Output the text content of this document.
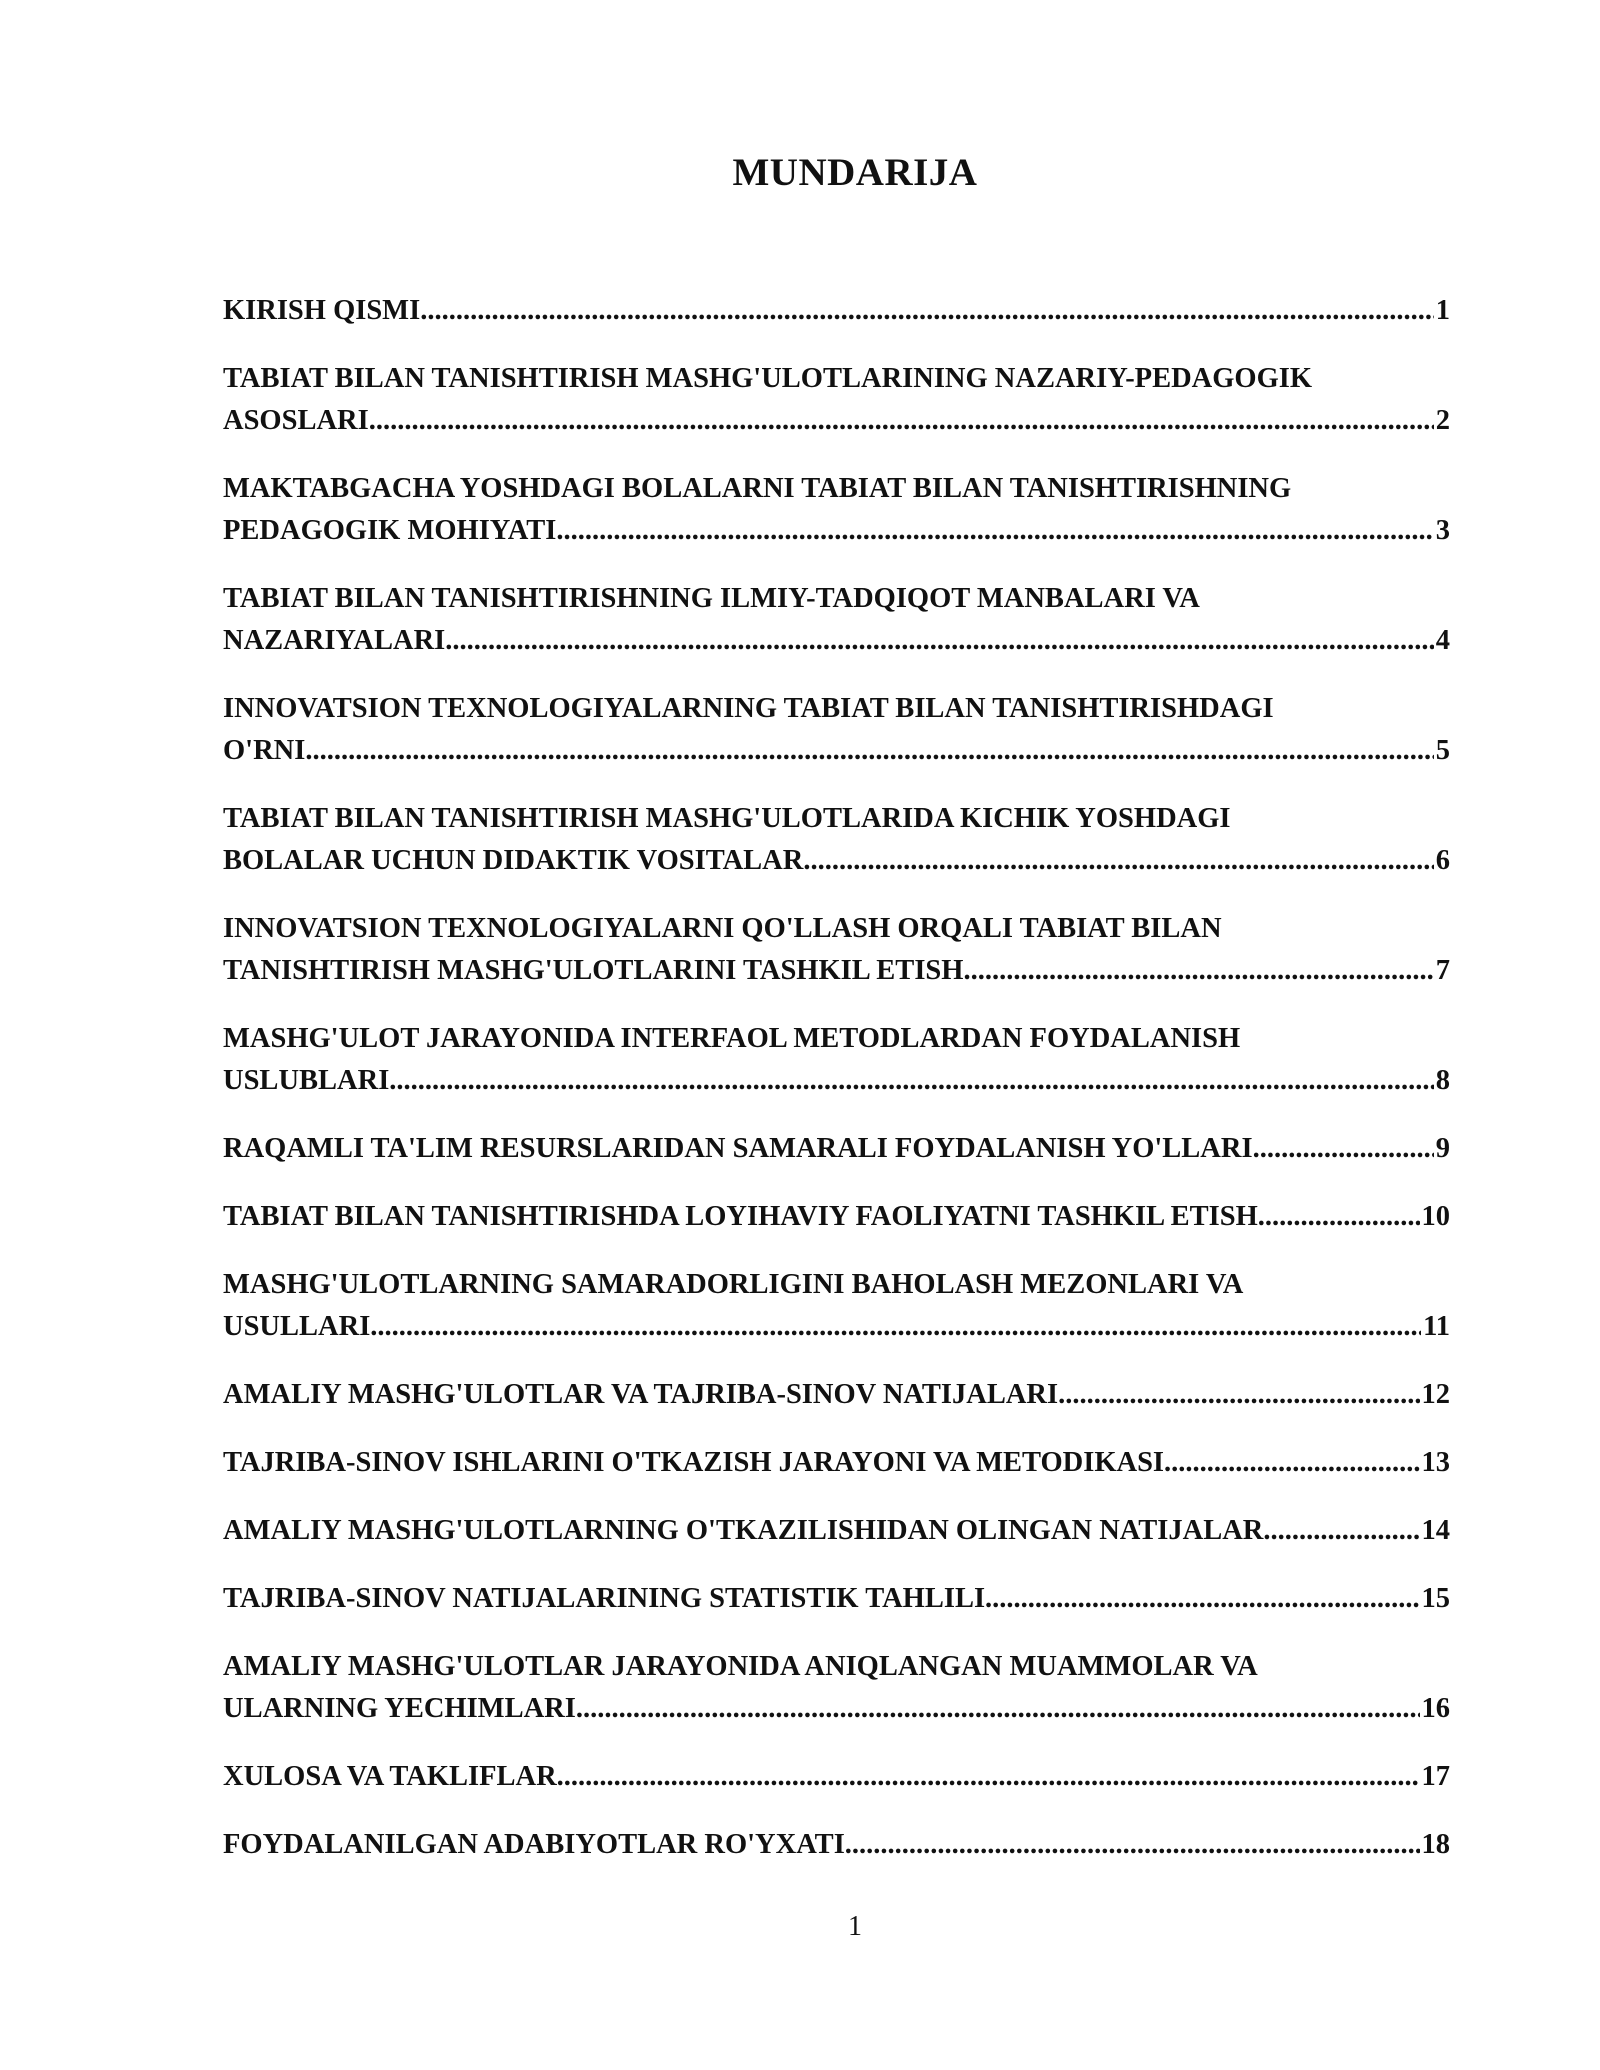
MUNDARIJA
KIRISH QISMI .....	1
TABIAT BILAN TANISHTIRISH MASHG'ULOTLARINING NAZARIY-PEDAGOGIK
ASOSLARI .....	2
MAKTABGACHA YOSHDAGI BOLALARNI TABIAT BILAN TANISHTIRISHNING
PEDAGOGIK MOHIYATI .....	3
TABIAT BILAN TANISHTIRISHNING ILMIY-TADQIQOT MANBALARI VA
NAZARIYALARI .....	4
INNOVATSION TEXNOLOGIYALARNING TABIAT BILAN TANISHTIRISHDAGI
O'RNI .....	5
TABIAT BILAN TANISHTIRISH MASHG'ULOTLARIDA KICHIK YOSHDAGI
BOLALAR UCHUN DIDAKTIK VOSITALAR .....	6
INNOVATSION TEXNOLOGIYALARNI QO'LLASH ORQALI TABIAT BILAN
TANISHTIRISH MASHG'ULOTLARINI TASHKIL ETISH .....	7
MASHG'ULOT JARAYONIDA INTERFAOL METODLARDAN FOYDALANISH
USLUBLARI .....	8
RAQAMLI TA'LIM RESURSLARIDAN SAMARALI FOYDALANISH YO'LLARI .....	9
TABIAT BILAN TANISHTIRISHDA LOYIHAVIY FAOLIYATNI TASHKIL ETISH .....	10
MASHG'ULOTLARNING SAMARADORLIGINI BAHOLASH MEZONLARI VA
USULLARI .....	11
AMALIY MASHG'ULOTLAR VA TAJRIBA-SINOV NATIJALARI .....	12
TAJRIBA-SINOV ISHLARINI O'TKAZISH JARAYONI VA METODIKASI .....	13
AMALIY MASHG'ULOTLARNING O'TKAZILISHIDAN OLINGAN NATIJALAR .....	14
TAJRIBA-SINOV NATIJALARINING STATISTIK TAHLILI .....	15
AMALIY MASHG'ULOTLAR JARAYONIDA ANIQLANGAN MUAMMOLAR VA
ULARNING YECHIMLARI .....	16
XULOSA VA TAKLIFLAR .....	17
FOYDALANILGAN ADABIYOTLAR RO'YXATI .....	18
1
